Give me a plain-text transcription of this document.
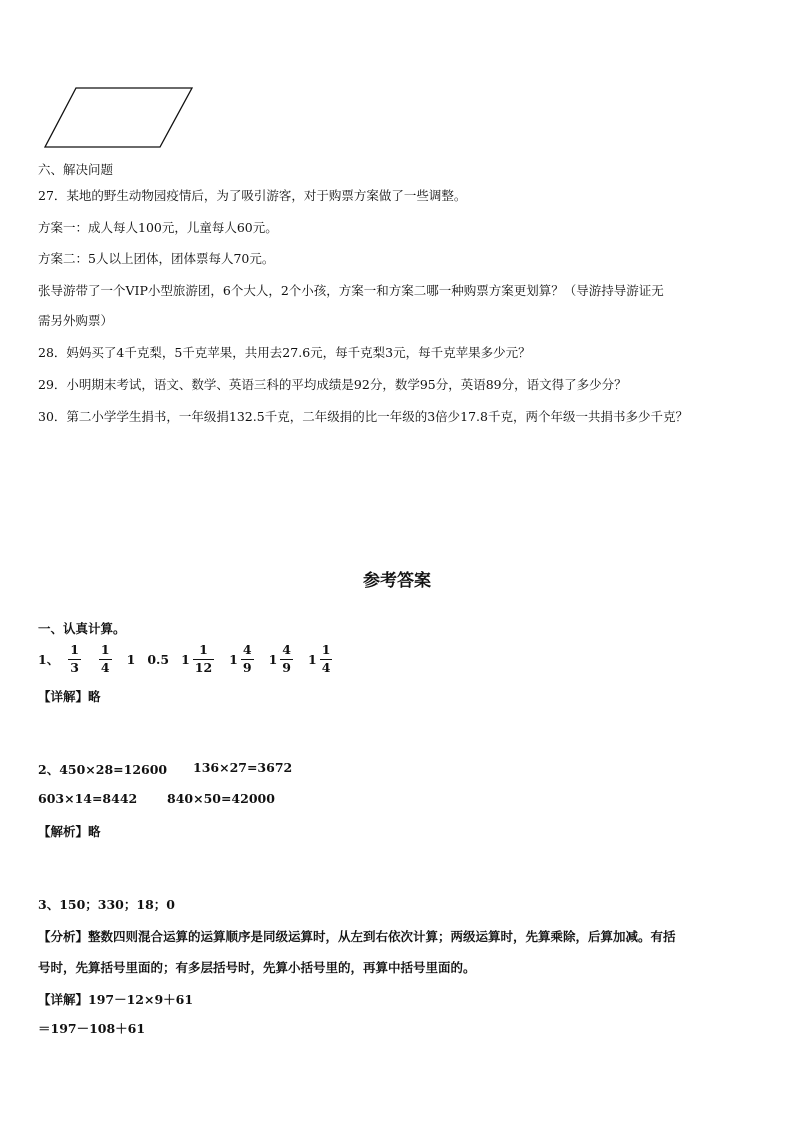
六、解决问题
27．某地的野生动物园疫情后，为了吸引游客，对于购票方案做了一些调整。
方案一：成人每人100元，儿童每人60元。
方案二：5人以上团体，团体票每人70元。
张导游带了一个VIP小型旅游团，6个大人，2个小孩，方案一和方案二哪一种购票方案更划算？（导游持导游证无
需另外购票）
28．妈妈买了4千克梨，5千克苹果，共用去27.6元，每千克梨3元，每千克苹果多少元？
29．小明期末考试，语文、数学、英语三科的平均成绩是92分，数学95分，英语89分，语文得了多少分？
30．第二小学学生捐书，一年级捐132.5千克，二年级捐的比一年级的3倍少17.8千克，两个年级一共捐书多少千克？
参考答案
一、认真计算。
1、 $\frac{1}{3} \frac{1}{4} 1$ 0.5 $1 \frac{1}{12} 1 \frac{4}{9} 1 \frac{4}{9} 1 \frac{1}{4}$
【详解】略
2、450×28=12600 136×27=3672
603×14=8442 840×50=42000
【解析】略
3、150；330；18；0
【分析】整数四则混合运算的运算顺序是同级运算时，从左到右依次计算；两级运算时，先算乘除，后算加减。有括
号时，先算括号里面的；有多层括号时，先算小括号里的，再算中括号里面的。
【详解】197－12×9＋61
＝197－108＋61
